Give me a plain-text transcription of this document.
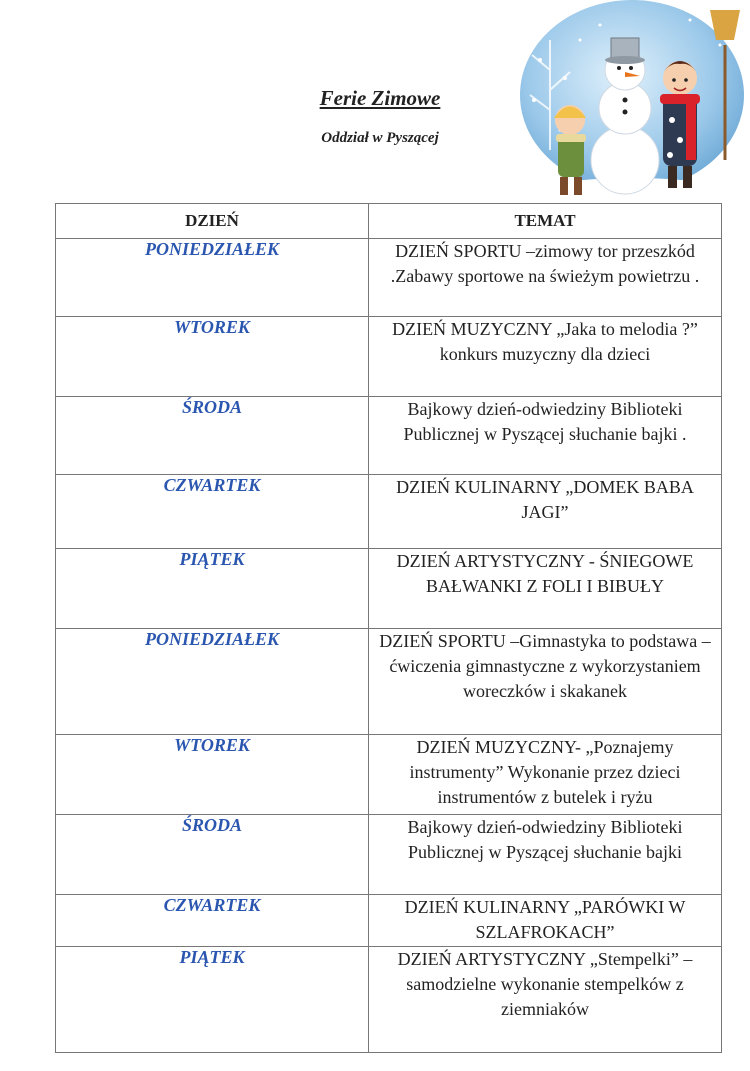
Ferie Zimowe
Oddział w Pyszącej
DZIEŃ	TEMAT
PONIEDZIAŁEK	DZIEŃ SPORTU –zimowy tor przeszkód .Zabawy sportowe na świeżym powietrzu .
WTOREK	DZIEŃ MUZYCZNY „Jaka to melodia ?” konkurs muzyczny dla dzieci
ŚRODA	Bajkowy dzień-odwiedziny Biblioteki Publicznej w Pyszącej słuchanie bajki .
CZWARTEK	DZIEŃ KULINARNY „DOMEK BABA JAGI”
PIĄTEK	DZIEŃ ARTYSTYCZNY - ŚNIEGOWE BAŁWANKI Z FOLI I BIBUŁY
PONIEDZIAŁEK	DZIEŃ SPORTU –Gimnastyka to podstawa –ćwiczenia gimnastyczne z wykorzystaniem woreczków i skakanek
WTOREK	DZIEŃ MUZYCZNY- „Poznajemy instrumenty” Wykonanie przez dzieci instrumentów z butelek i ryżu
ŚRODA	Bajkowy dzień-odwiedziny Biblioteki Publicznej w Pyszącej słuchanie bajki
CZWARTEK	DZIEŃ KULINARNY „PARÓWKI W SZLAFROKACH”
PIĄTEK	DZIEŃ ARTYSTYCZNY „Stempelki” –samodzielne wykonanie stempelków z ziemniaków
